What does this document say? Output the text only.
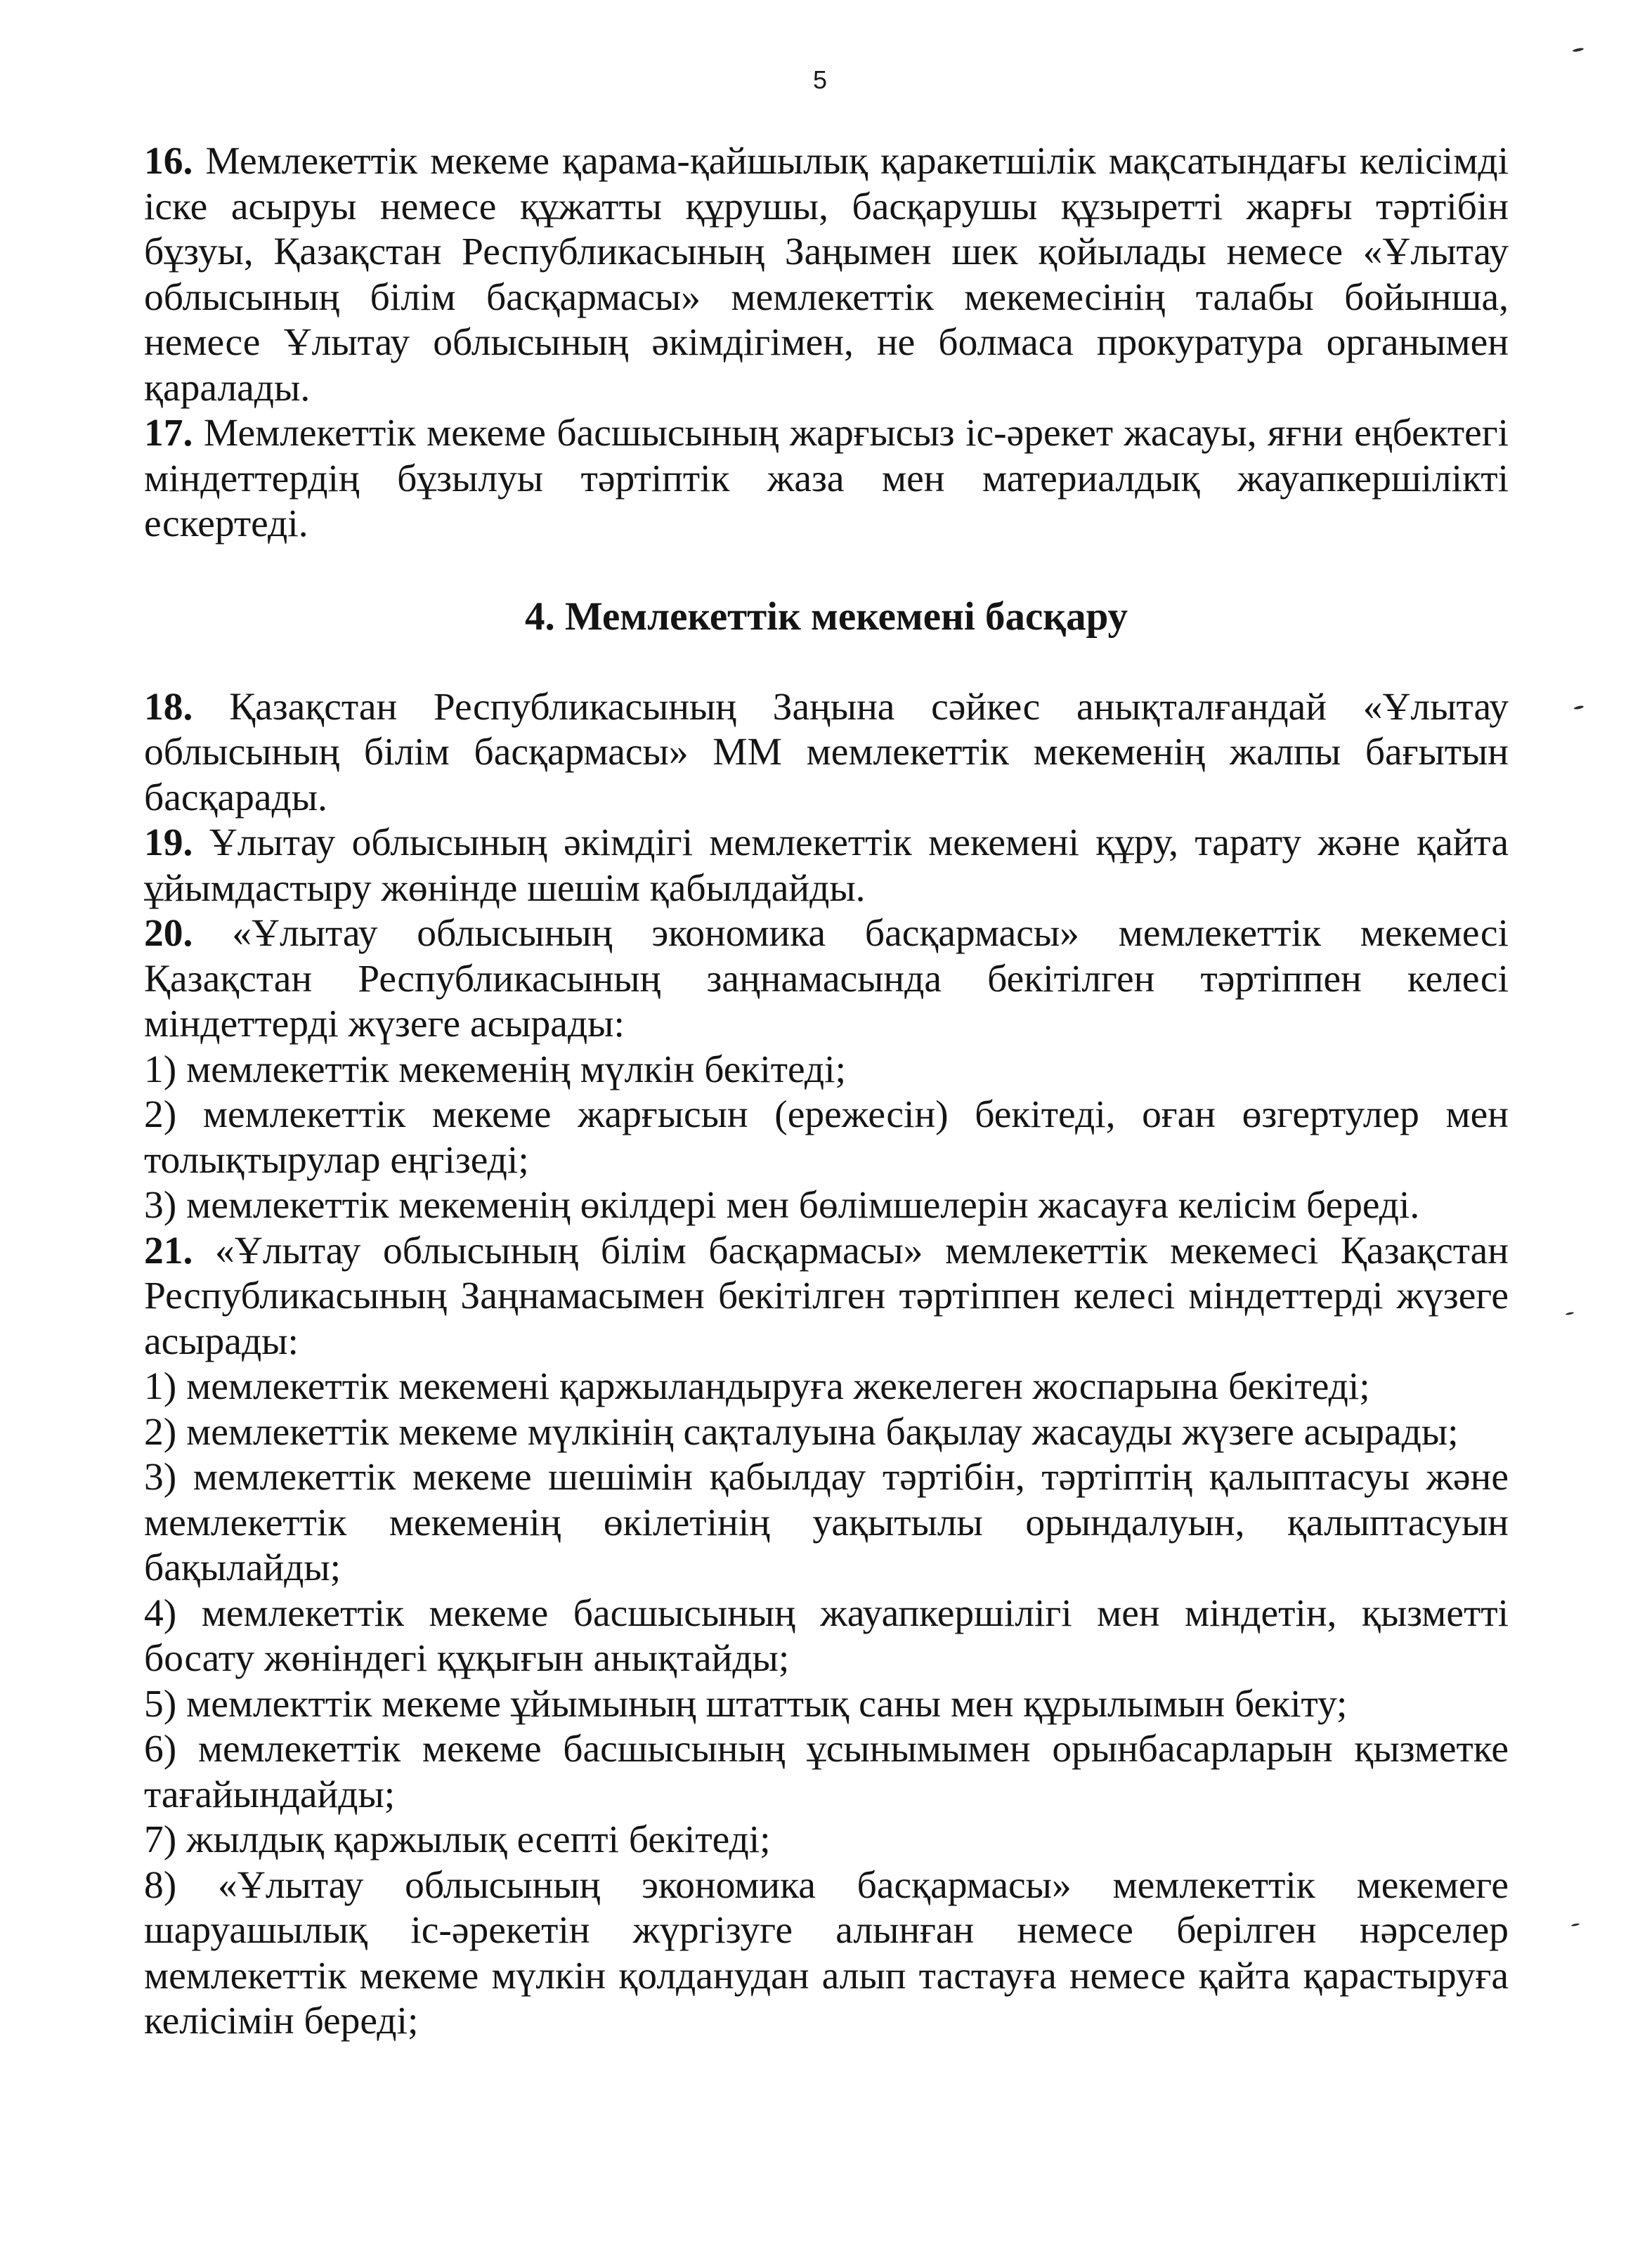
5

16. Мемлекеттік мекеме қарама-қайшылық қаракетшілік мақсатындағы келісімді іске асыруы немесе құжатты құрушы, басқарушы құзыретті жарғы тәртібін бұзуы, Қазақстан Республикасының Заңымен шек қойылады немесе «Ұлытау облысының білім басқармасы» мемлекеттік мекемесінің талабы бойынша, немесе Ұлытау облысының әкімдігімен, не болмаса прокуратура органымен қаралады.

17. Мемлекеттік мекеме басшысының жарғысыз іс-әрекет жасауы, яғни еңбектегі міндеттердің бұзылуы тәртіптік жаза мен материалдық жауапкершілікті ескертеді.

4. Мемлекеттік мекемені басқару

18. Қазақстан Республикасының Заңына сәйкес анықталғандай «Ұлытау облысының білім басқармасы» ММ мемлекеттік мекеменің жалпы бағытын басқарады.

19. Ұлытау облысының әкімдігі мемлекеттік мекемені құру, тарату және қайта ұйымдастыру жөнінде шешім қабылдайды.

20. «Ұлытау облысының экономика басқармасы» мемлекеттік мекемесі Қазақстан Республикасының заңнамасында бекітілген тәртіппен келесі міндеттерді жүзеге асырады:

1) мемлекеттік мекеменің мүлкін бекітеді;

2) мемлекеттік мекеме жарғысын (ережесін) бекітеді, оған өзгертулер мен толықтырулар еңгізеді;

3) мемлекеттік мекеменің өкілдері мен бөлімшелерін жасауға келісім береді.

21. «Ұлытау облысының білім басқармасы» мемлекеттік мекемесі Қазақстан Республикасының Заңнамасымен бекітілген тәртіппен келесі міндеттерді жүзеге асырады:

1) мемлекеттік мекемені қаржыландыруға жекелеген жоспарына бекітеді;

2) мемлекеттік мекеме мүлкінің сақталуына бақылау жасауды жүзеге асырады;

3) мемлекеттік мекеме шешімін қабылдау тәртібін, тәртіптің қалыптасуы және мемлекеттік мекеменің өкілетінің уақытылы орындалуын, қалыптасуын бақылайды;

4) мемлекеттік мекеме басшысының жауапкершілігі мен міндетін, қызметті босату жөніндегі құқығын анықтайды;

5) мемлекттік мекеме ұйымының штаттық саны мен құрылымын бекіту;

6) мемлекеттік мекеме басшысының ұсынымымен орынбасарларын қызметке тағайындайды;

7) жылдық қаржылық есепті бекітеді;

8) «Ұлытау облысының экономика басқармасы» мемлекеттік мекемеге шаруашылық іс-әрекетін жүргізуге алынған немесе берілген нәрселер мемлекеттік мекеме мүлкін қолданудан алып тастауға немесе қайта қарастыруға келісімін береді;
